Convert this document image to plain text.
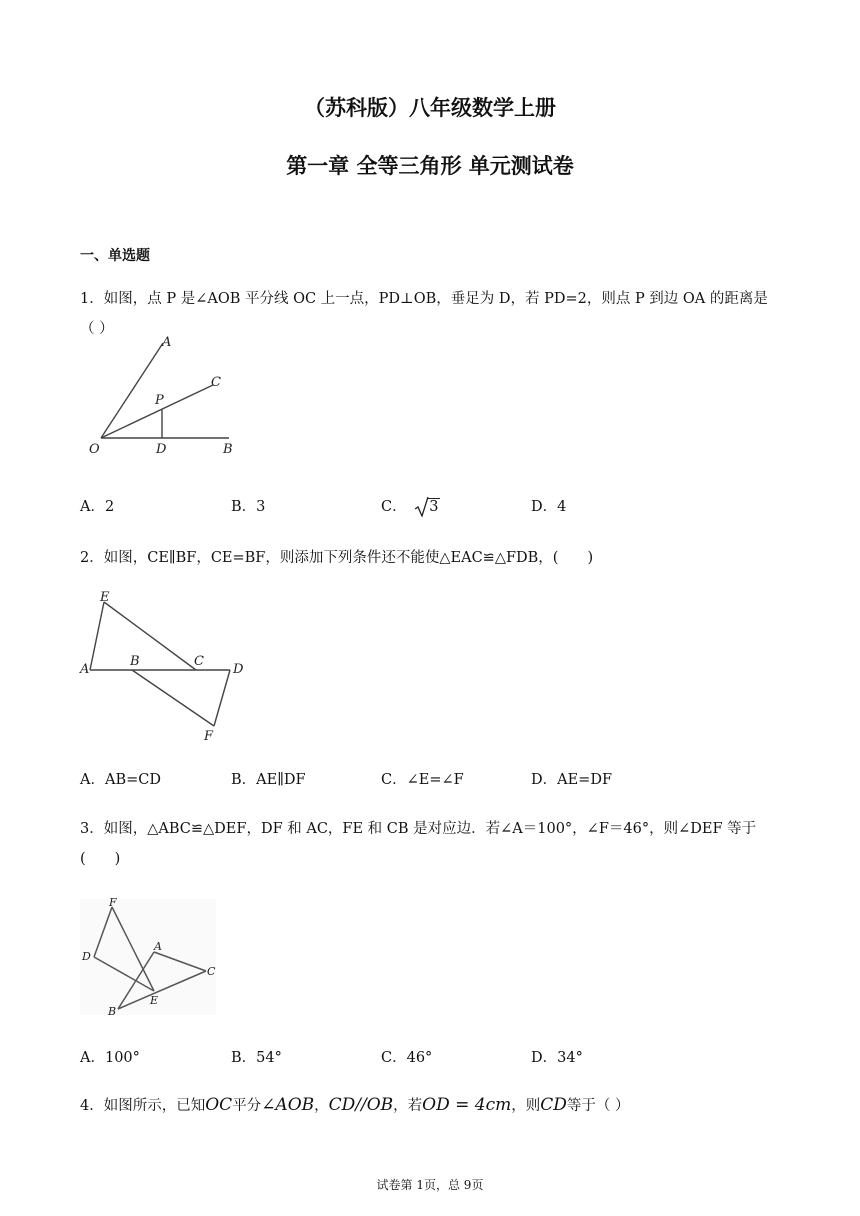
（苏科版）八年级数学上册
第一章 全等三角形 单元测试卷
一、单选题
1．如图，点 P 是∠AOB 平分线 OC 上一点，PD⊥OB，垂足为 D，若 PD=2，则点 P 到边 OA 的距离是（ ）
A
C
P
O	D	B
A．2	B．3	C． 3	D．4
2．如图，CE∥BF，CE=BF，则添加下列条件还不能使△EAC≌△FDB，(　　)
E
A
B	C
D
F
A．AB=CD	B．AE∥DF	C．∠E=∠F	D．AE=DF
3．如图，△ABC≌△DEF，DF 和 AC，FE 和 CB 是对应边．若∠A＝100°，∠F＝46°，则∠DEF 等于
(　　)
F
D
A
C
B
E
A．100°	B．54°	C．46°	D．34°
4．如图所示，已知OC平分∠AOB，CD//OB，若OD = 4cm，则CD等于（ ）
试卷第 1页，总 9页
